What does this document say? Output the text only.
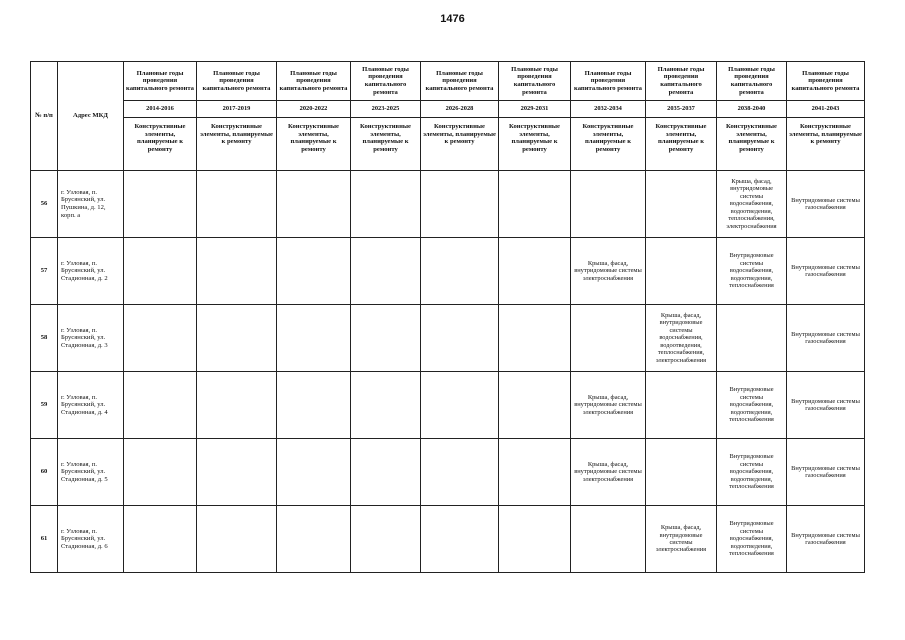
1476
№ п/п	Адрес МКД	Плановые годы проведения капитального ремонта	Плановые годы проведения капитального ремонта	Плановые годы проведения капитального ремонта	Плановые годы проведения капитального ремонта	Плановые годы проведения капитального ремонта	Плановые годы проведения капитального ремонта	Плановые годы проведения капитального ремонта	Плановые годы проведения капитального ремонта	Плановые годы проведения капитального ремонта	Плановые годы проведения капитального ремонта
		2014-2016	2017-2019	2020-2022	2023-2025	2026-2028	2029-2031	2032-2034	2035-2037	2038-2040	2041-2043
		Конструктивные элементы, планируемые к ремонту	Конструктивные элементы, планируемые к ремонту	Конструктивные элементы, планируемые к ремонту	Конструктивные элементы, планируемые к ремонту	Конструктивные элементы, планируемые к ремонту	Конструктивные элементы, планируемые к ремонту	Конструктивные элементы, планируемые к ремонту	Конструктивные элементы, планируемые к ремонту	Конструктивные элементы, планируемые к ремонту	Конструктивные элементы, планируемые к ремонту
56	г. Узловая, п. Брусянский, ул. Пушкина, д. 12, корп. а									Крыша, фасад, внутридомовые системы водоснабжения, водоотведения, теплоснабжения, электроснабжения	Внутридомовые системы газоснабжения
57	г. Узловая, п. Брусянский, ул. Стадионная, д. 2							Крыша, фасад, внутридомовые системы электроснабжения		Внутридомовые системы водоснабжения, водоотведения, теплоснабжения	Внутридомовые системы газоснабжения
58	г. Узловая, п. Брусянский, ул. Стадионная, д. 3								Крыша, фасад, внутридомовые системы водоснабжения, водоотведения, теплоснабжения, электроснабжения		Внутридомовые системы газоснабжения
59	г. Узловая, п. Брусянский, ул. Стадионная, д. 4							Крыша, фасад, внутридомовые системы электроснабжения		Внутридомовые системы водоснабжения, водоотведения, теплоснабжения	Внутридомовые системы газоснабжения
60	г. Узловая, п. Брусянский, ул. Стадионная, д. 5							Крыша, фасад, внутридомовые системы электроснабжения		Внутридомовые системы водоснабжения, водоотведения, теплоснабжения	Внутридомовые системы газоснабжения
61	г. Узловая, п. Брусянский, ул. Стадионная, д. 6								Крыша, фасад, внутридомовые системы электроснабжения	Внутридомовые системы водоснабжения, водоотведения, теплоснабжения	Внутридомовые системы газоснабжения
